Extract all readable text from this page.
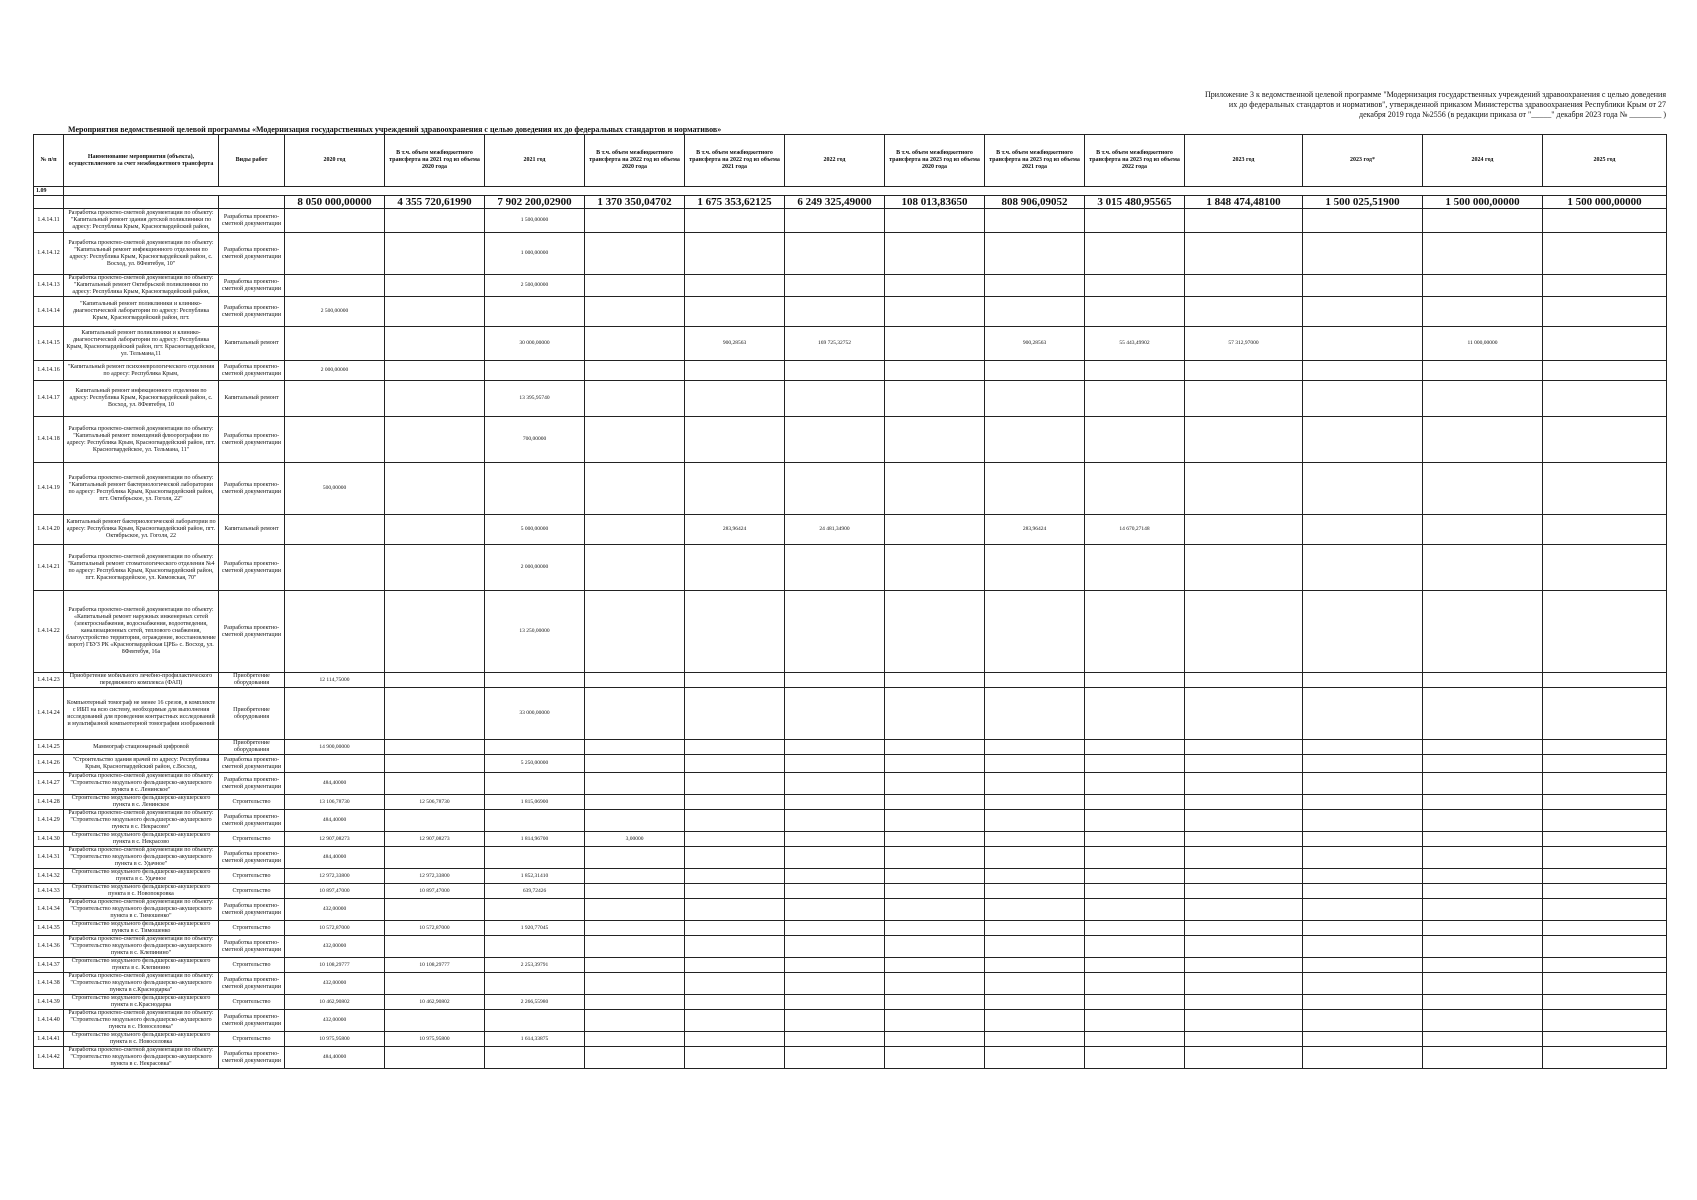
Приложение 3 к ведомственной целевой программе "Модернизация государственных учреждений здравоохранения с целью доведения
их до федеральных стандартов и нормативов", утвержденной приказом Министерства здравоохранения Республики Крым от 27
декабря 2019 года №2556 (в редакции приказа от "_____" декабря 2023 года № ________ )
Мероприятия ведомственной целевой программы «Модернизация государственных учреждений здравоохранения с целью доведения их до федеральных стандартов и нормативов»
№ п/п	Наименование мероприятия (объекта), осуществляемого за счет межбюджетного трансферта	Виды работ	2020 год	В т.ч. объем межбюджетного трансферта на 2021 год из объема 2020 года	2021 год	В т.ч. объем межбюджетного трансферта на 2022 год из объема 2020 года	В т.ч. объем межбюджетного трансферта на 2022 год из объема 2021 года	2022 год	В т.ч. объем межбюджетного трансферта на 2023 год из объема 2020 года	В т.ч. объем межбюджетного трансферта на 2023 год из объема 2021 года	В т.ч. объем межбюджетного трансферта на 2023 год из объема 2022 года	2023 год	2023 год*	2024 год	2025 год
1.09															
			8 050 000,00000	4 355 720,61990	7 902 200,02900	1 370 350,04702	1 675 353,62125	6 249 325,49000	108 013,83650	808 906,09052	3 015 480,95565	1 848 474,48100	1 500 025,51900	1 500 000,00000	1 500 000,00000
1.4.14.11	Разработка проектно-сметной документации по объекту: "Капитальный ремонт здания детской поликлиники по адресу: Республика Крым, Красногвардейский район,	Разработка проектно-сметной документации			1 500,00000										
1.4.14.12	Разработка проектно-сметной документации по объекту: "Капитальный ремонт инфекционного отделения по адресу: Республика Крым, Красногвардейский район, с. Восход, ул. 8Февтебуя, 10"	Разработка проектно-сметной документации			1 000,00000										
1.4.14.13	Разработка проектно-сметной документации по объекту: "Капитальный ремонт Октябрьской поликлиники по адресу: Республика Крым, Красногвардейский район,	Разработка проектно-сметной документации			2 500,00000										
1.4.14.14	"Капитальный ремонт поликлиники и клинико-диагностической лаборатории по адресу: Республика Крым, Красногвардейский район, пгт.	Разработка проектно-сметной документации	2 500,00000												
1.4.14.15	Капитальный ремонт поликлиники и клинико-диагностической лаборатории по адресу: Республика Крым, Красногвардейский район, пгт. Красногвардейское, ул. Тельмана,11	Капитальный ремонт			30 000,00000		900,28563	169 725,32752		900,28563	55 443,49902	57 312,97000		11 000,00000	
1.4.14.16	"Капитальный ремонт психоневрологического отделения по адресу: Республика Крым,	Разработка проектно-сметной документации	2 000,00000												
1.4.14.17	Капитальный ремонт инфекционного отделения по адресу: Республика Крым, Красногвардейский район, с. Восход, ул. 8Февтебуя, 10	Капитальный ремонт			13 395,95740										
1.4.14.18	Разработка проектно-сметной документации по объекту: "Капитальный ремонт помещений флюорографии по адресу: Республика Крым, Красногвардейский район, пгт. Красногвардейское, ул. Тельмана, 11"	Разработка проектно-сметной документации			700,00000										
1.4.14.19	Разработка проектно-сметной документации по объекту: "Капитальный ремонт бактериологической лаборатории по адресу: Республика Крым, Красногвардейский район, пгт. Октябрьское, ул. Гоголя, 22"	Разработка проектно-сметной документации	500,00000												
1.4.14.20	Капитальный ремонт бактериологической лаборатории по адресу: Республика Крым, Красногвардейский район, пгт. Октябрьское, ул. Гоголя, 22	Капитальный ремонт			5 000,00000		283,96424	24 481,34900		283,96424	14 670,27148				
1.4.14.21	Разработка проектно-сметной документации по объекту: "Капитальный ремонт стоматологического отделения №4 по адресу: Республика Крым, Красногвардейский район, пгт. Красногвардейское, ул. Кимовская, 70"	Разработка проектно-сметной документации			2 000,00000										
1.4.14.22	Разработка проектно-сметной документации по объекту: «Капитальный ремонт наружных инженерных сетей (электроснабжения, водоснабжения, водоотведения, канализационных сетей, теплового снабжения, благоустройство территории, ограждение, восстановление ворот) ГБУЗ РК «Красногвардейская ЦРБ» с. Восход, ул. 8Февтебуя, 16а	Разработка проектно-сметной документации			13 250,00000										
1.4.14.23	Приобретение мобильного лечебно-профилактического передвижного комплекса (ФАП)	Приобретение оборудования	12 114,75000												
1.4.14.24	Компьютерный томограф не менее 16 срезов, в комплекте с ИБП на всю систему, необходимые для выполнения исследований для проведения контрастных исследований и мультифазной компьютерной томографии изображений	Приобретение оборудования			33 000,00000										
1.4.14.25	Маммограф стационарный цифровой	Приобретение оборудования	14 900,00000												
1.4.14.26	"Строительство здания врачей по адресу: Республика Крым, Красногвардейский район, с.Восход,	Разработка проектно-сметной документации			5 250,00000										
1.4.14.27	Разработка проектно-сметной документации по объекту: "Строительство модульного фельдшерско-акушерского пункта в с. Ленинское"	Разработка проектно-сметной документации	484,40000												
1.4.14.28	Строительство модульного фельдшерско-акушерского пункта в с. Ленинское	Строительство	13 106,78730	12 506,78730	1 815,06900										
1.4.14.29	Разработка проектно-сметной документации по объекту: "Строительство модульного фельдшерско-акушерского пункта в с. Некрасово"	Разработка проектно-сметной документации	484,40000												
1.4.14.30	Строительство модульного фельдшерско-акушерского пункта в с. Некрасово	Строительство	12 907,08273	12 907,08273	1 814,96700	3,00000									
1.4.14.31	Разработка проектно-сметной документации по объекту: "Строительство модульного фельдшерско-акушерского пункта в с. Удачное"	Разработка проектно-сметной документации	484,40000												
1.4.14.32	Строительство модульного фельдшерско-акушерского пункта в с. Удачное	Строительство	12 972,33800	12 972,33800	1 852,31410										
1.4.14.33	Строительство модульного фельдшерско-акушерского пункта в с. Новопокровка	Строительство	10 897,47000	10 897,47000	639,72426										
1.4.14.34	Разработка проектно-сметной документации по объекту: "Строительство модульного фельдшерско-акушерского пункта в с. Тимошенко"	Разработка проектно-сметной документации	432,00000												
1.4.14.35	Строительство модульного фельдшерско-акушерского пункта в с. Тимошенко	Строительство	10 572,87000	10 572,87000	1 920,77045										
1.4.14.36	Разработка проектно-сметной документации по объекту: "Строительство модульного фельдшерско-акушерского пункта в с. Клепинино"	Разработка проектно-сметной документации	432,00000												
1.4.14.37	Строительство модульного фельдшерско-акушерского пункта в с. Клепинино	Строительство	10 108,29777	10 108,29777	2 253,39791										
1.4.14.38	Разработка проектно-сметной документации по объекту: "Строительство модульного фельдшерско-акушерского пункта в с.Краснодарка"	Разработка проектно-сметной документации	432,00000												
1.4.14.39	Строительство модульного фельдшерско-акушерского пункта в с.Краснодарка	Строительство	10 462,90802	10 462,90802	2 266,55980										
1.4.14.40	Разработка проектно-сметной документации по объекту: "Строительство модульного фельдшерско-акушерского пункта в с. Новоселовка"	Разработка проектно-сметной документации	432,00000												
1.4.14.41	Строительство модульного фельдшерско-акушерского пункта в с. Новоселовка	Строительство	10 975,95800	10 975,95800	1 614,33875										
1.4.14.42	Разработка проектно-сметной документации по объекту: "Строительство модульного фельдшерско-акушерского пункта в с. Некрасовка"	Разработка проектно-сметной документации	484,40000												
